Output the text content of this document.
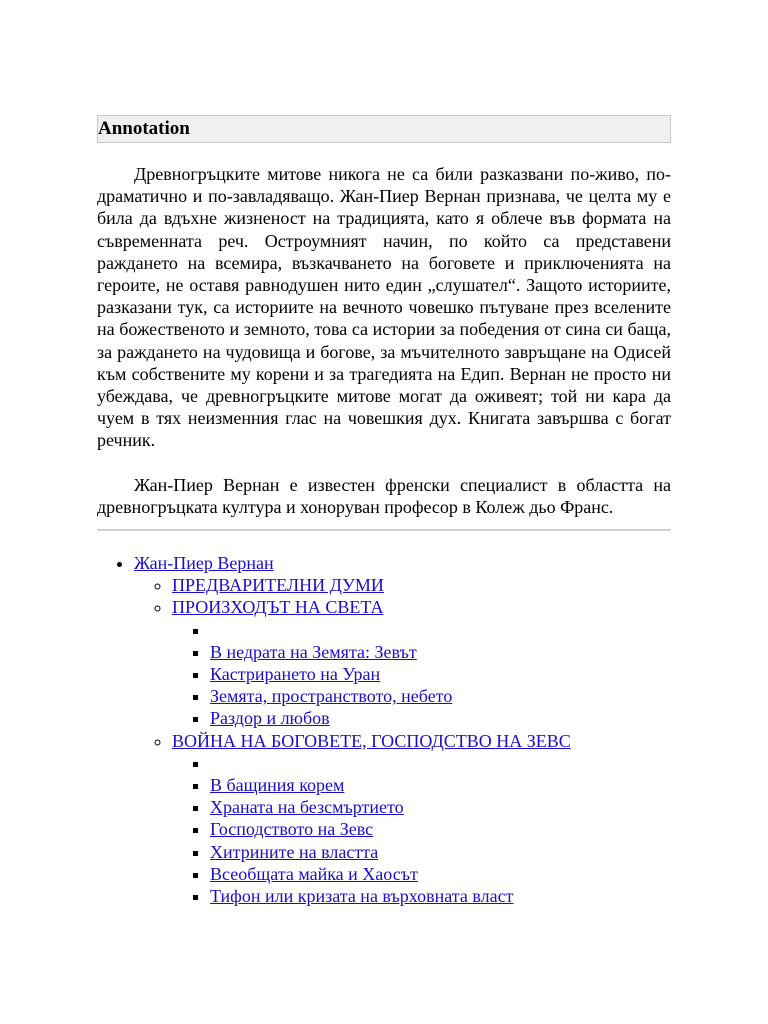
Annotation

Древногръцките митове никога не са били разказвани по-живо, по-драматично и по-завладяващо. Жан-Пиер Вернан признава, че целта му е била да вдъхне жизненост на традицията, като я облече във формата на съвременната реч. Остроумният начин, по който са представени раждането на всемира, възкачването на боговете и приключенията на героите, не оставя равнодушен нито един „слушател“. Защото историите, разказани тук, са историите на вечното човешко пътуване през вселените на божественото и земното, това са истории за победения от сина си баща, за раждането на чудовища и богове, за мъчителното завръщане на Одисей към собствените му корени и за трагедията на Едип. Вернан не просто ни убеждава, че древногръцките митове могат да оживеят; той ни кара да чуем в тях неизменния глас на човешкия дух. Книгата завършва с богат речник.

Жан-Пиер Вернан е известен френски специалист в областта на древногръцката култура и хоноруван професор в Колеж дьо Франс.

• Жан-Пиер Вернан
◦ ПРЕДВАРИТЕЛНИ ДУМИ
◦ ПРОИЗХОДЪТ НА СВЕТА
▪
▪ В недрата на Земята: Зевът
▪ Кастрирането на Уран
▪ Земята, пространството, небето
▪ Раздор и любов
◦ ВОЙНА НА БОГОВЕТЕ, ГОСПОДСТВО НА ЗЕВС
▪
▪ В бащиния корем
▪ Храната на безсмъртието
▪ Господството на Зевс
▪ Хитрините на властта
▪ Всеобщата майка и Хаосът
▪ Тифон или кризата на върховната власт
